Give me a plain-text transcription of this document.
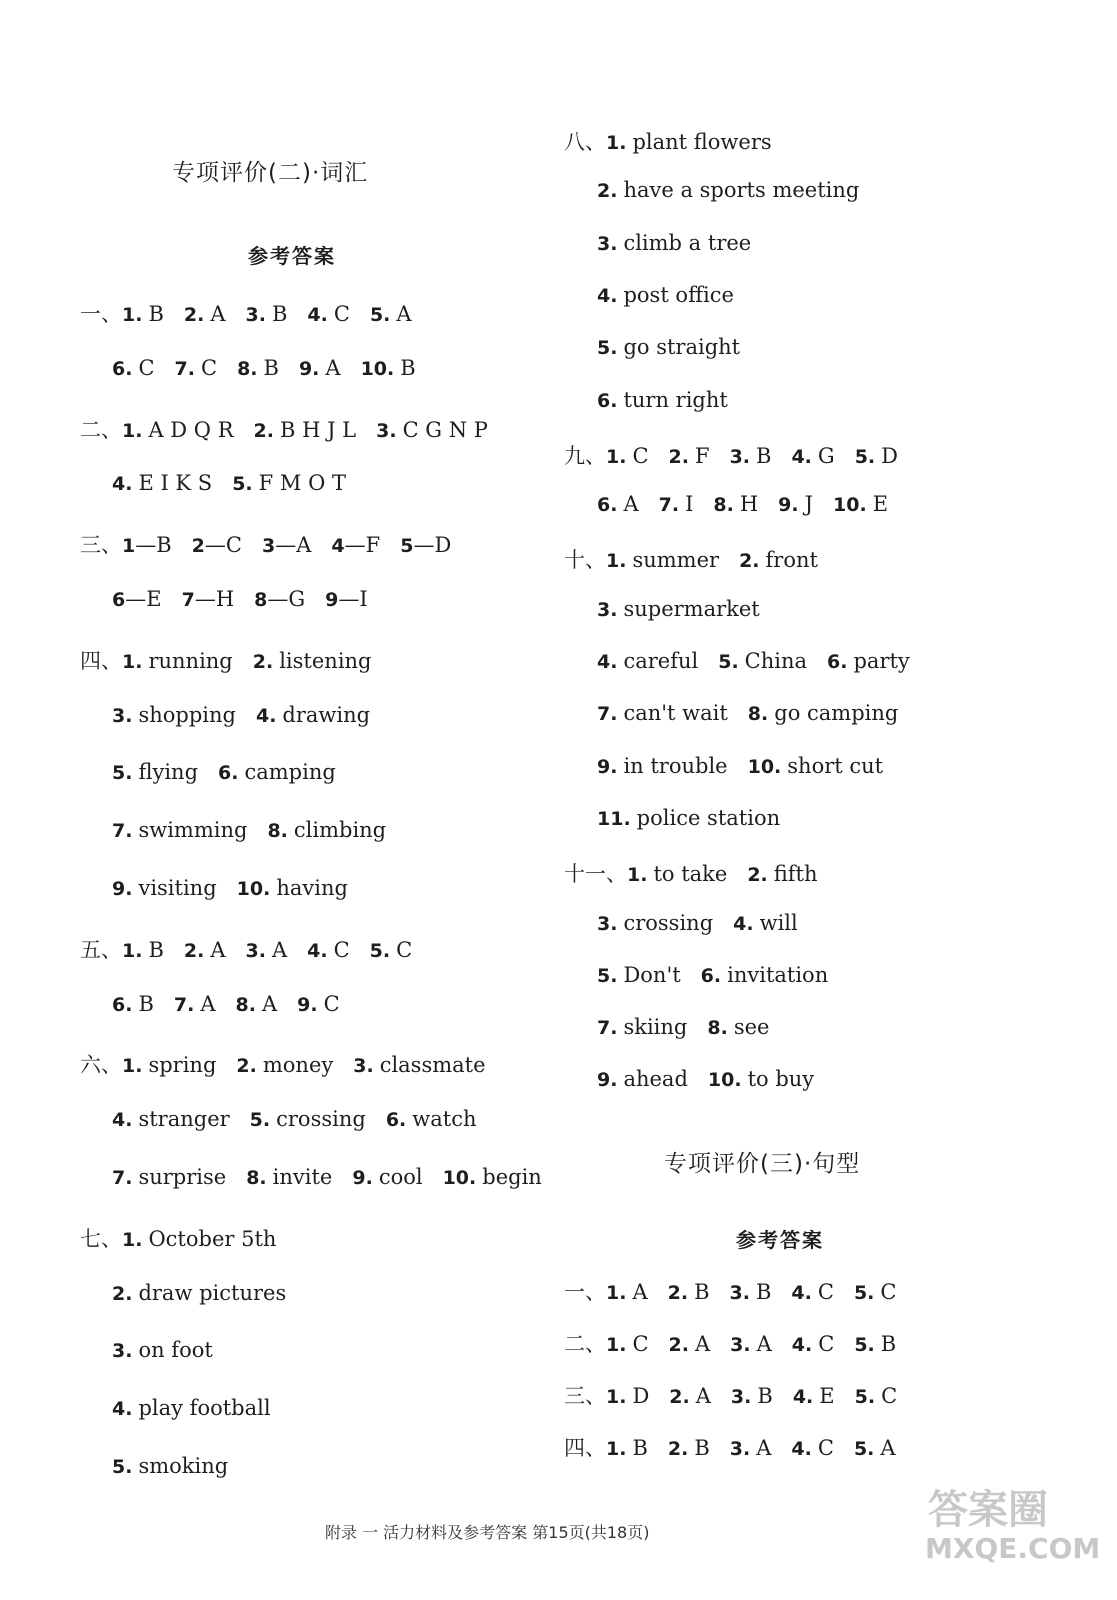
专项评价(二)·词汇
参考答案
一、1. B 2. A 3. B 4. C 5. A
6. C 7. C 8. B 9. A 10. B
二、1. A D Q R 2. B H J L 3. C G N P
4. E I K S 5. F M O T
三、1—B 2—C 3—A 4—F 5—D
6—E 7—H 8—G 9—I
四、1. running 2. listening
3. shopping 4. drawing
5. flying 6. camping
7. swimming 8. climbing
9. visiting 10. having
五、1. B 2. A 3. A 4. C 5. C
6. B 7. A 8. A 9. C
六、1. spring 2. money 3. classmate
4. stranger 5. crossing 6. watch
7. surprise 8. invite 9. cool 10. begin
七、1. October 5th
2. draw pictures
3. on foot
4. play football
5. smoking
八、1. plant flowers
2. have a sports meeting
3. climb a tree
4. post office
5. go straight
6. turn right
九、1. C 2. F 3. B 4. G 5. D
6. A 7. I 8. H 9. J 10. E
十、1. summer 2. front
3. supermarket
4. careful 5. China 6. party
7. can't wait 8. go camping
9. in trouble 10. short cut
11. police station
十一、1. to take 2. fifth
3. crossing 4. will
5. Don't 6. invitation
7. skiing 8. see
9. ahead 10. to buy
专项评价(三)·句型
参考答案
一、1. A 2. B 3. B 4. C 5. C
二、1. C 2. A 3. A 4. C 5. B
三、1. D 2. A 3. B 4. E 5. C
四、1. B 2. B 3. A 4. C 5. A
附录 一 活力材料及参考答案 第15页(共18页)	答案圈
MXQE.COM
